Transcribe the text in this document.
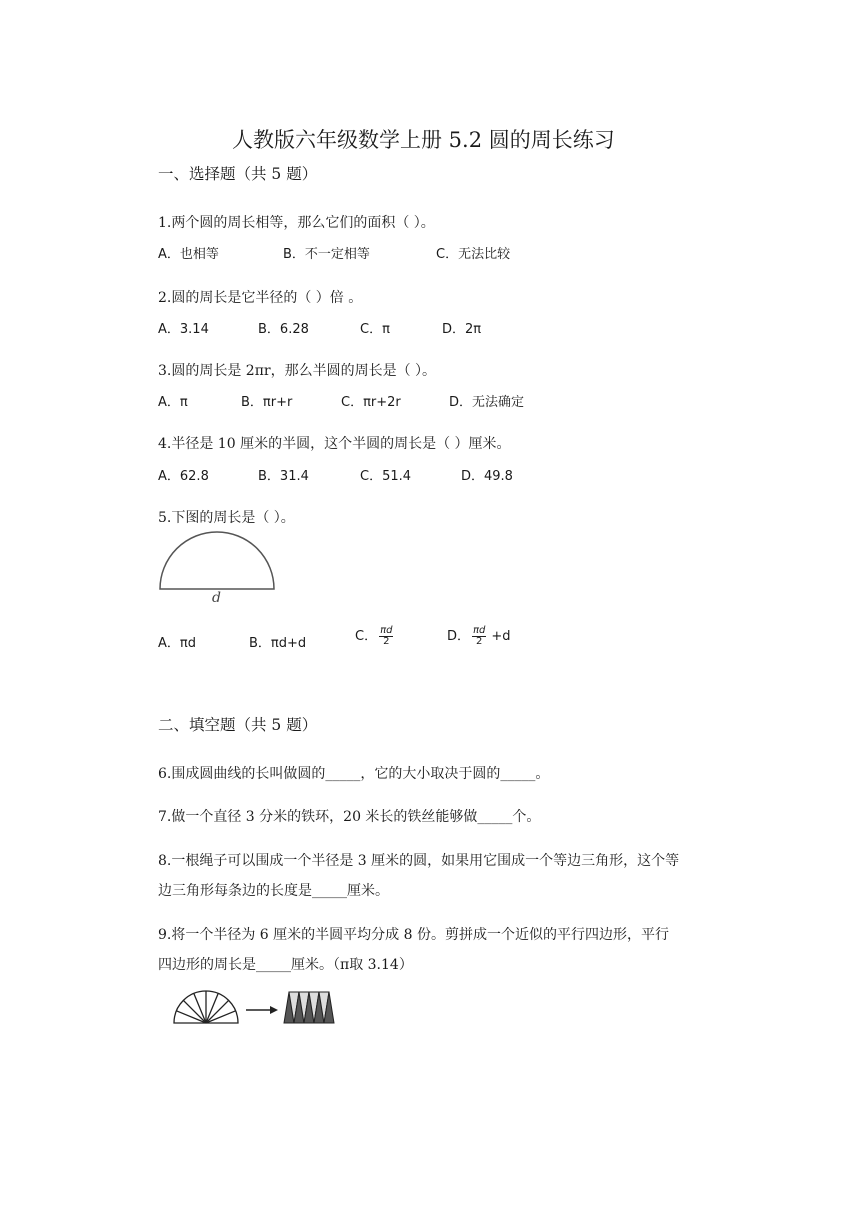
人教版六年级数学上册 5.2 圆的周长练习
一、选择题（共 5 题）
1.两个圆的周长相等，那么它们的面积（ ）。
A．也相等	B．不一定相等	C．无法比较
2.圆的周长是它半径的（ ）倍 。
A．3.14	B．6.28	C．π	D．2π
3.圆的周长是 2πr，那么半圆的周长是（ ）。
A．π	B．πr+r	C．πr+2r	D．无法确定
4.半径是 10 厘米的半圆，这个半圆的周长是（ ）厘米。
A．62.8	B．31.4	C．51.4	D．49.8
5.下图的周长是（ ）。
d
A．πd	B．πd+d	C． $\frac{\pi d}{2}$	D． $\frac{\pi d}{2} +d$
二、填空题（共 5 题）
6.围成圆曲线的长叫做圆的_____，它的大小取决于圆的_____。
7.做一个直径 3 分米的铁环，20 米长的铁丝能够做_____个。
8.一根绳子可以围成一个半径是 3 厘米的圆，如果用它围成一个等边三角形，这个等
边三角形每条边的长度是_____厘米。
9.将一个半径为 6 厘米的半圆平均分成 8 份。剪拼成一个近似的平行四边形，平行
四边形的周长是_____厘米。（π取 3.14）
